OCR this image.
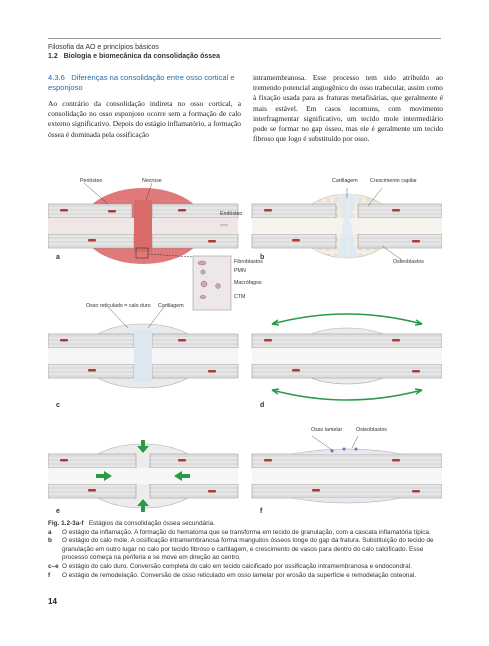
Filosofia da AO e princípios básicos
1.2 Biologia e biomecânica da consolidação óssea
4.3.6 Diferenças na consolidação entre osso cortical e esponjoso
Ao contrário da consolidação indireta no osso cortical, a consolidação no osso esponjoso ocorre sem a formação de calo externo significativo. Depois do estágio inflamatório, a formação óssea é dominada pela ossificação
intramembranosa. Esse processo tem sido atribuído ao tremendo potencial angiogênico do osso trabecular, assim como à fixação usada para as fraturas metafisárias, que geralmente é mais estável. Em casos incomuns, com movimento interfragmentar significativo, um tecido mole intermediário pode se formar no gap ósseo, mas ele é geralmente um tecido fibroso que logo é substituído por osso.
Periósteo	Necrose
Endósteo
Fibroblastos
PMN
Macrófagos
CTM
Cartilagem Crescimento capilar
Osteoblastos
Osso reticulado = calo duro Cartilagem
Osso lamelar	Osteoblastos
a	b
c	d
e	f
Fig. 1.2-3a-f Estágios da consolidação óssea secundária.
a	O estágio da inflamação. A formação do hematoma que se transforma em tecido de granulação, com a cascata inflamatória típica.
b	O estágio do calo mole. A ossificação intramembranosa forma manguitos ósseos longe do gap da fratura. Substituição do tecido de granulação em outro lugar no calo por tecido fibroso e cartilagem, e crescimento de vasos para dentro do calo calcificado. Esse processo começa na periferia e se move em direção ao centro.
c–e O estágio do calo duro. Conversão completa do calo em tecido calcificado por ossificação intramembranosa e endocondral.
f	O estágio de remodelação. Conversão de osso reticulado em osso lamelar por erosão da superfície e remodelação osteonal.
14
